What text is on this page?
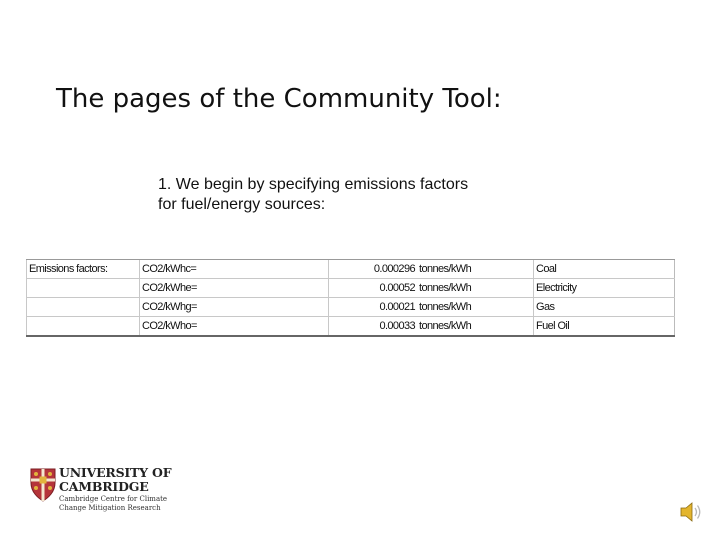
The pages of the Community Tool:
1. We begin by specifying emissions factors
for fuel/energy sources:
Emissions factors:	CO2/kWhc=	0.000296	tonnes/kWh	Coal
	CO2/kWhe=	0.00052	tonnes/kWh	Electricity
	CO2/kWhg=	0.00021	tonnes/kWh	Gas
	CO2/kWho=	0.00033	tonnes/kWh	Fuel Oil
UNIVERSITY OF
CAMBRIDGE
Cambridge Centre for Climate
Change Mitigation Research
